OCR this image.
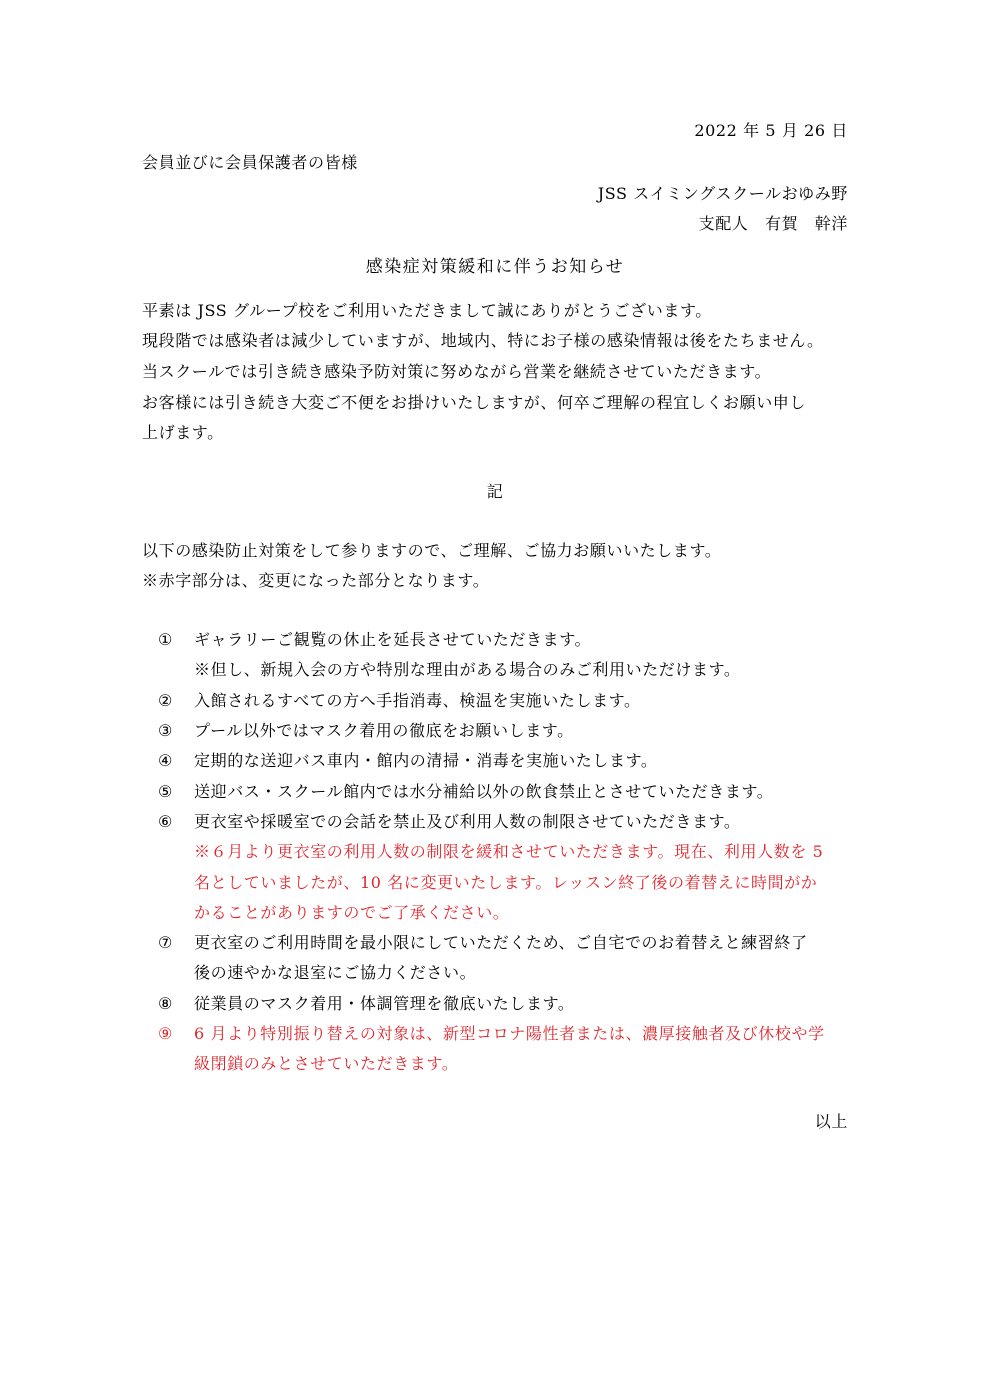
2022 年 5 月 26 日
会員並びに会員保護者の皆様
JSS スイミングスクールおゆみ野
支配人　有賀　幹洋
感染症対策緩和に伴うお知らせ
平素は JSS グループ校をご利用いただきまして誠にありがとうございます。
現段階では感染者は減少していますが、地域内、特にお子様の感染情報は後をたちません。
当スクールでは引き続き感染予防対策に努めながら営業を継続させていただきます。
お客様には引き続き大変ご不便をお掛けいたしますが、何卒ご理解の程宜しくお願い申し
上げます。
記
以下の感染防止対策をして参りますので、ご理解、ご協力お願いいたします。
※赤字部分は、変更になった部分となります。
① ギャラリーご観覧の休止を延長させていただきます。
※但し、新規入会の方や特別な理由がある場合のみご利用いただけます。
② 入館されるすべての方へ手指消毒、検温を実施いたします。
③ プール以外ではマスク着用の徹底をお願いします。
④ 定期的な送迎バス車内・館内の清掃・消毒を実施いたします。
⑤ 送迎バス・スクール館内では水分補給以外の飲食禁止とさせていただきます。
⑥ 更衣室や採暖室での会話を禁止及び利用人数の制限させていただきます。
※６月より更衣室の利用人数の制限を緩和させていただきます。現在、利用人数を 5
名としていましたが、10 名に変更いたします。レッスン終了後の着替えに時間がか
かることがありますのでご了承ください。
⑦ 更衣室のご利用時間を最小限にしていただくため、ご自宅でのお着替えと練習終了
後の速やかな退室にご協力ください。
⑧ 従業員のマスク着用・体調管理を徹底いたします。
⑨ 6 月より特別振り替えの対象は、新型コロナ陽性者または、濃厚接触者及び休校や学
級閉鎖のみとさせていただきます。
以上
